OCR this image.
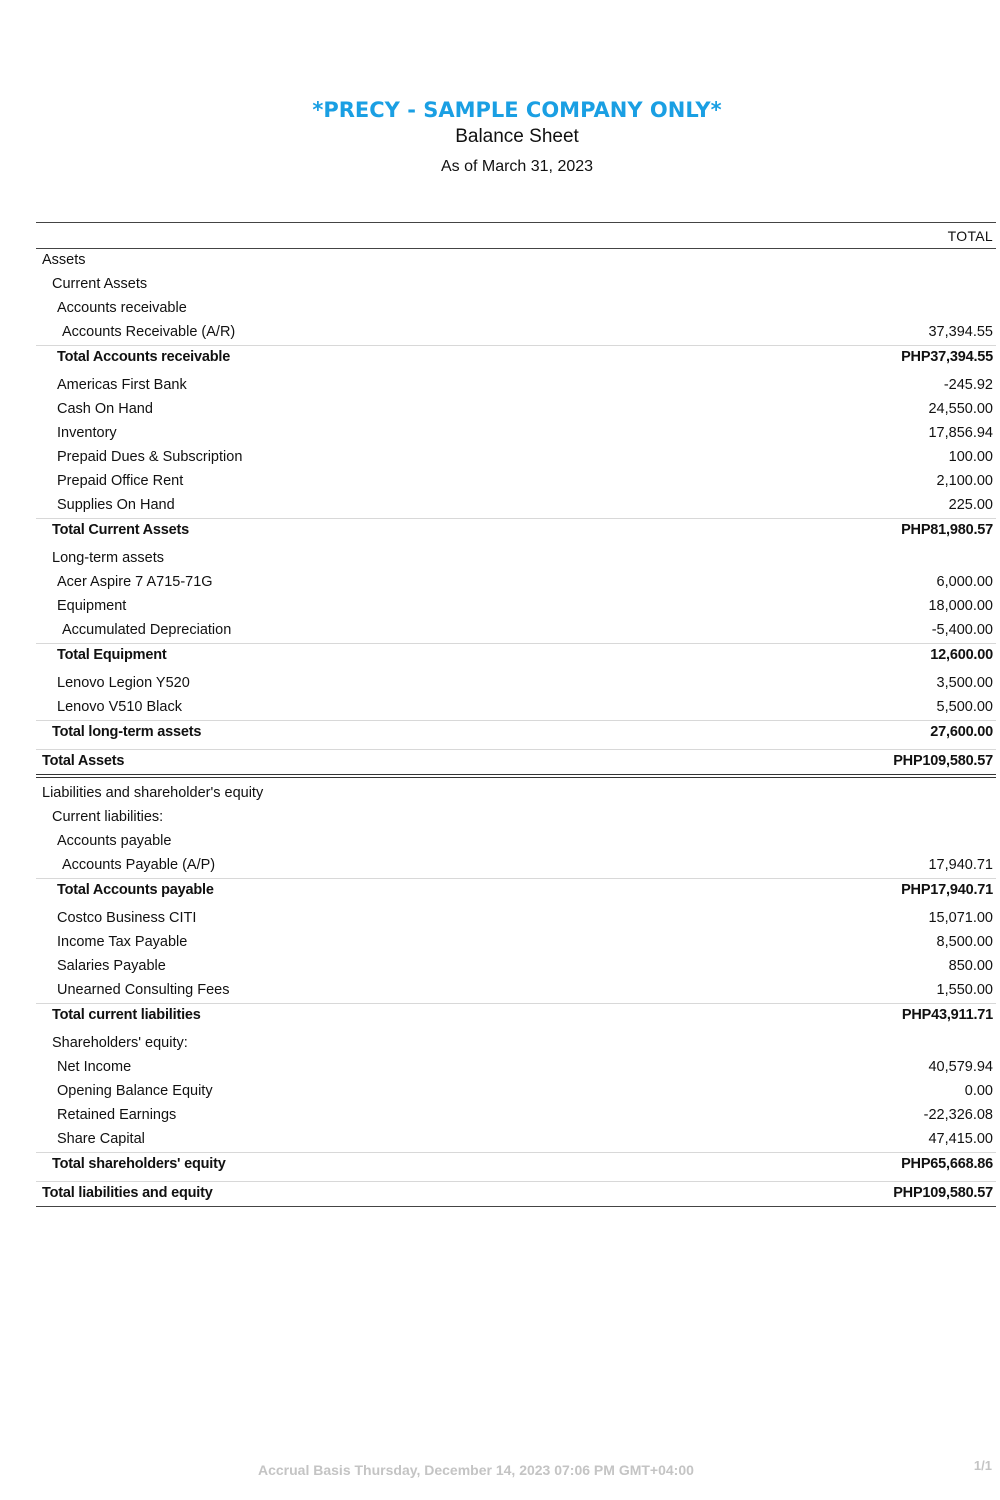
*PRECY - SAMPLE COMPANY ONLY*
Balance Sheet
As of March 31, 2023
TOTAL
Assets
Current Assets
Accounts receivable
Accounts Receivable (A/R)	37,394.55
Total Accounts receivable	PHP37,394.55
Americas First Bank	-245.92
Cash On Hand	24,550.00
Inventory	17,856.94
Prepaid Dues & Subscription	100.00
Prepaid Office Rent	2,100.00
Supplies On Hand	225.00
Total Current Assets	PHP81,980.57
Long-term assets
Acer Aspire 7 A715-71G	6,000.00
Equipment	18,000.00
Accumulated Depreciation	-5,400.00
Total Equipment	12,600.00
Lenovo Legion Y520	3,500.00
Lenovo V510 Black	5,500.00
Total long-term assets	27,600.00
Total Assets	PHP109,580.57
Liabilities and shareholder's equity
Current liabilities:
Accounts payable
Accounts Payable (A/P)	17,940.71
Total Accounts payable	PHP17,940.71
Costco Business CITI	15,071.00
Income Tax Payable	8,500.00
Salaries Payable	850.00
Unearned Consulting Fees	1,550.00
Total current liabilities	PHP43,911.71
Shareholders' equity:
Net Income	40,579.94
Opening Balance Equity	0.00
Retained Earnings	-22,326.08
Share Capital	47,415.00
Total shareholders' equity	PHP65,668.86
Total liabilities and equity	PHP109,580.57
Accrual Basis Thursday, December 14, 2023 07:06 PM GMT+04:00	1/1
